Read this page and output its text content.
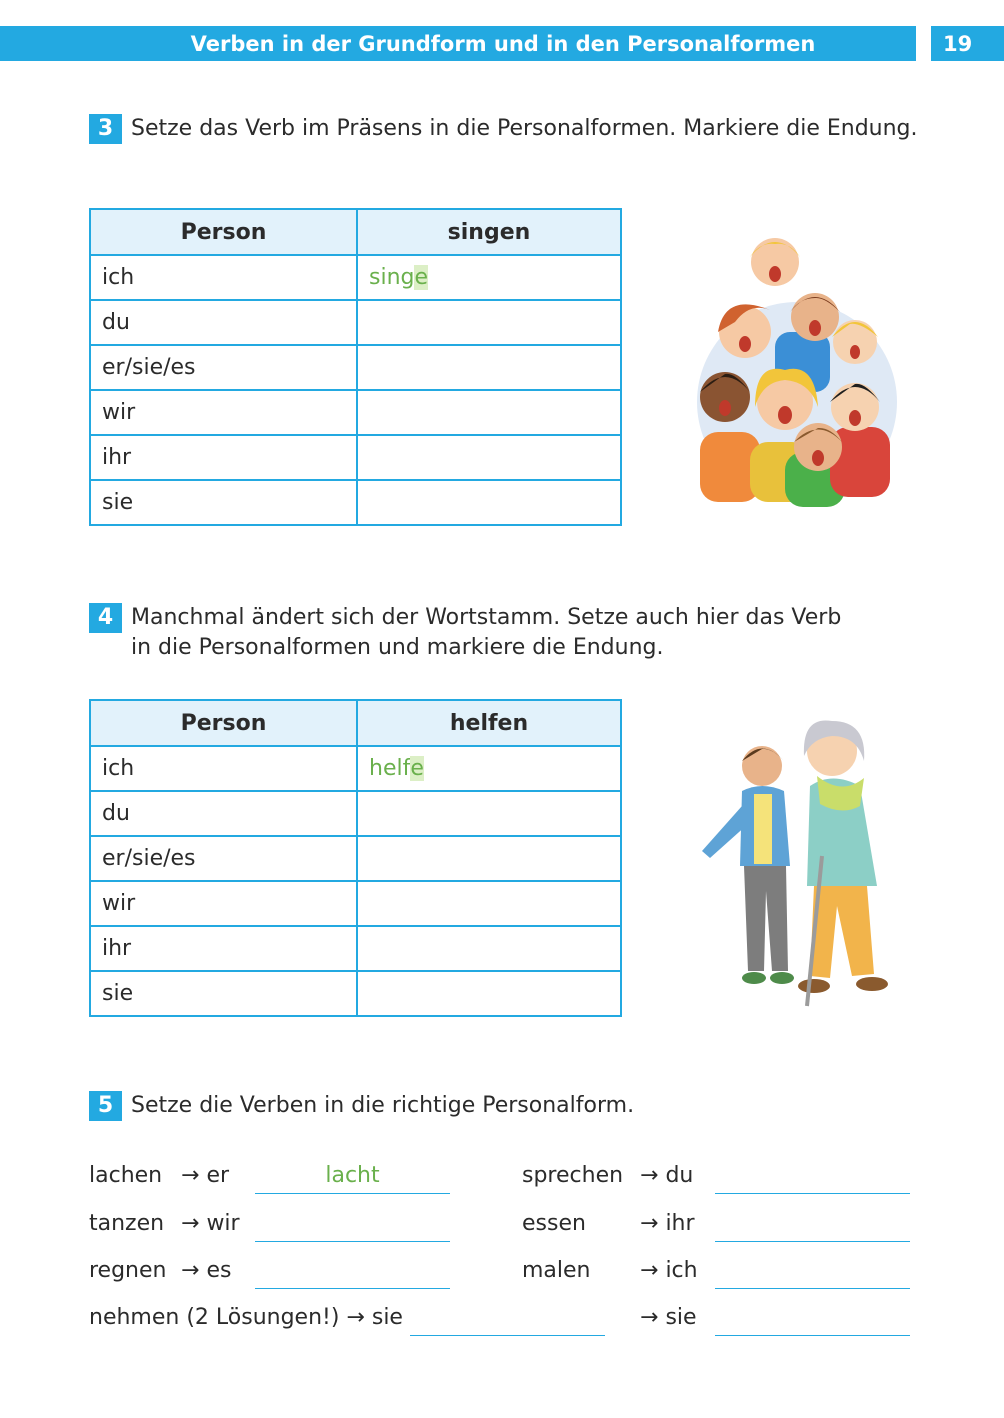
Verben in der Grundform und in den Personalformen	19
3 Setze das Verb im Präsens in die Personalformen. Markiere die Endung.
Person	singen
ich	singe
du	
er/sie/es	
wir	
ihr	
sie	
4 Manchmal ändert sich der Wortstamm. Setze auch hier das Verb
in die Personalformen und markiere die Endung.
Person	helfen
ich	helfe
du	
er/sie/es	
wir	
ihr	
sie	
5 Setze die Verben in die richtige Personalform.
lachen → er	lacht
tanzen → wir
regnen → es
sprechen → du
essen → ihr
malen → ich
nehmen (2 Lösungen!) → sie	→ sie
